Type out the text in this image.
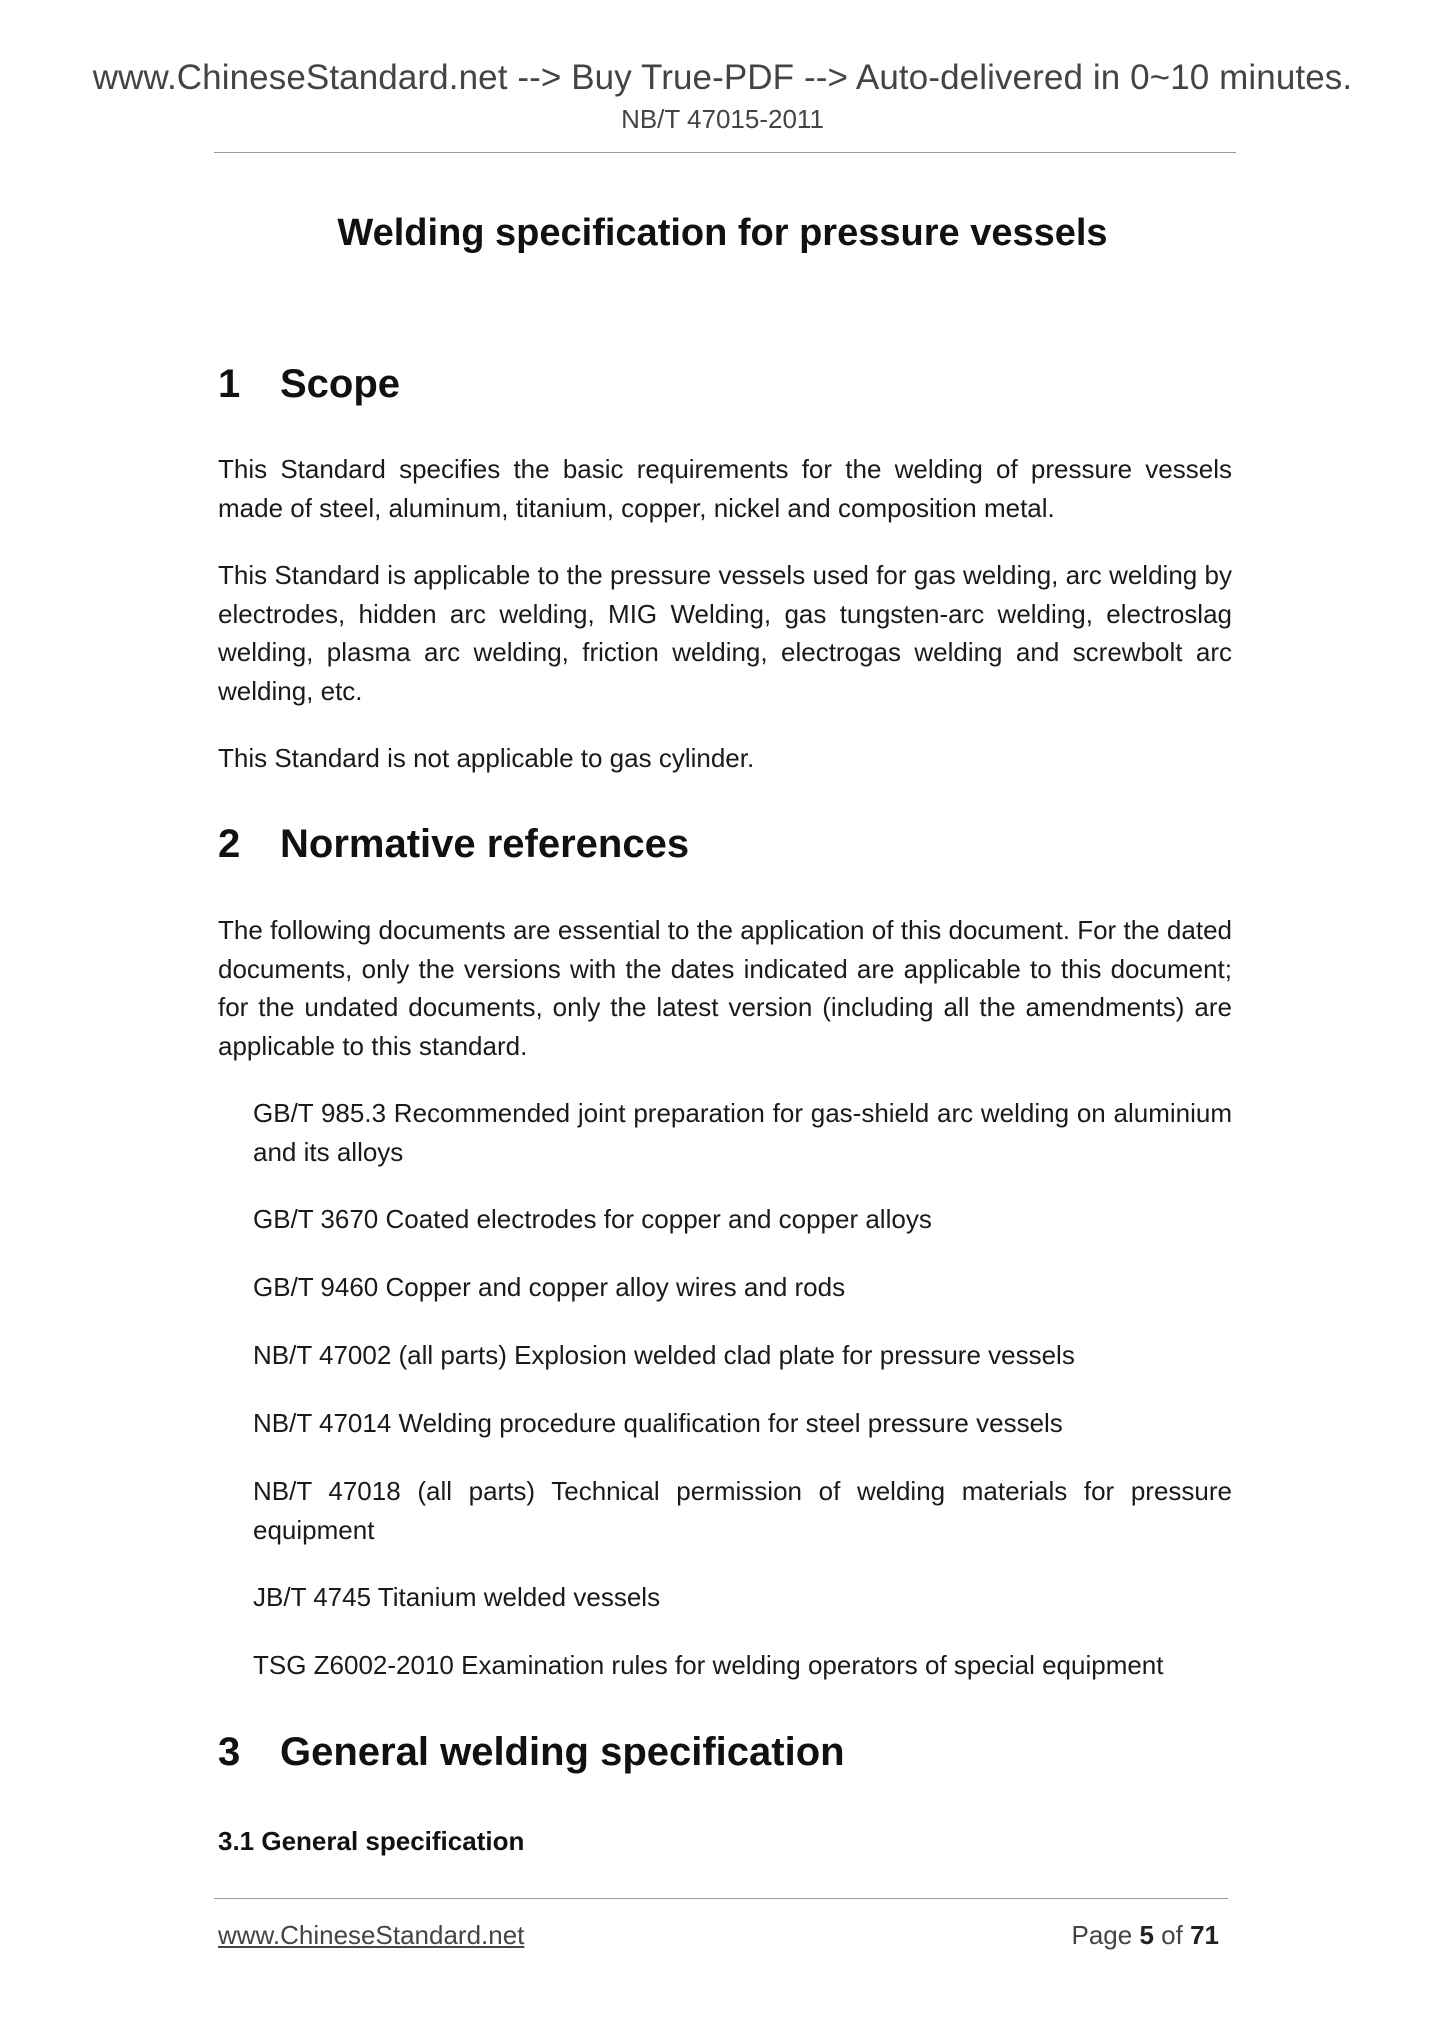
www.ChineseStandard.net --> Buy True-PDF --> Auto-delivered in 0~10 minutes.
NB/T 47015-2011
Welding specification for pressure vessels
1 Scope

This Standard specifies the basic requirements for the welding of pressure vessels made of steel, aluminum, titanium, copper, nickel and composition metal.

This Standard is applicable to the pressure vessels used for gas welding, arc welding by electrodes, hidden arc welding, MIG Welding, gas tungsten-arc welding, electroslag welding, plasma arc welding, friction welding, electrogas welding and screwbolt arc welding, etc.

This Standard is not applicable to gas cylinder.

2 Normative references

The following documents are essential to the application of this document. For the dated documents, only the versions with the dates indicated are applicable to this document; for the undated documents, only the latest version (including all the amendments) are applicable to this standard.

GB/T 985.3 Recommended joint preparation for gas-shield arc welding on aluminium and its alloys

GB/T 3670 Coated electrodes for copper and copper alloys

GB/T 9460 Copper and copper alloy wires and rods

NB/T 47002 (all parts) Explosion welded clad plate for pressure vessels

NB/T 47014 Welding procedure qualification for steel pressure vessels

NB/T 47018 (all parts) Technical permission of welding materials for pressure equipment

JB/T 4745 Titanium welded vessels

TSG Z6002-2010 Examination rules for welding operators of special equipment

3 General welding specification
3.1 General specification
www.ChineseStandard.net	Page 5 of 71
